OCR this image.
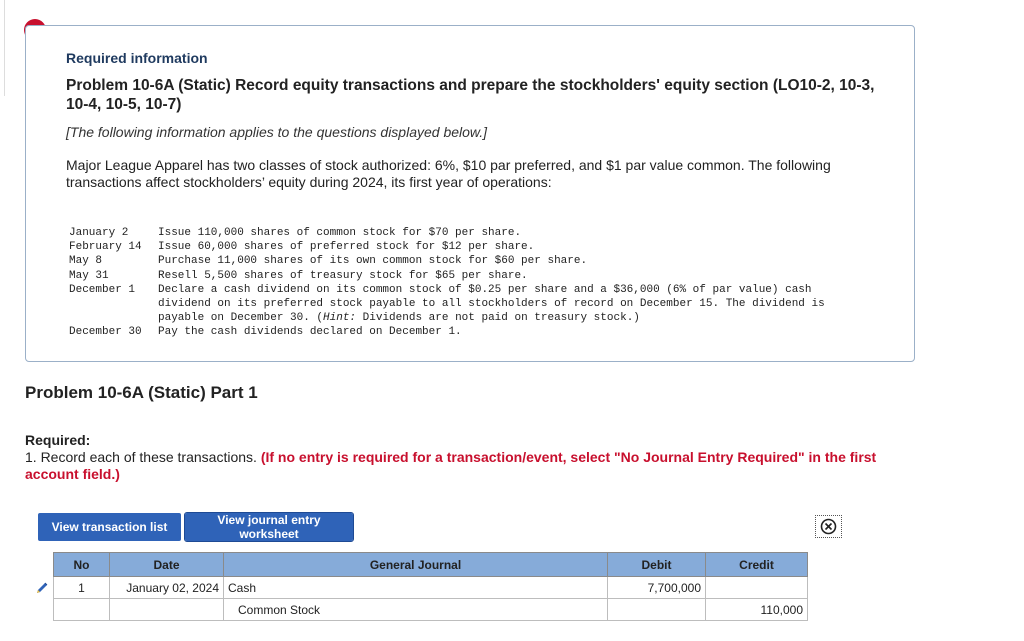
Required information
Problem 10-6A (Static) Record equity transactions and prepare the stockholders' equity section (LO10-2, 10-3, 10-4, 10-5, 10-7)
[The following information applies to the questions displayed below.]
Major League Apparel has two classes of stock authorized: 6%, $10 par preferred, and $1 par value common. The following transactions affect stockholders’ equity during 2024, its first year of operations:
January 2	Issue 110,000 shares of common stock for $70 per share.
February 14	Issue 60,000 shares of preferred stock for $12 per share.
May 8	Purchase 11,000 shares of its own common stock for $60 per share.
May 31	Resell 5,500 shares of treasury stock for $65 per share.
December 1	Declare a cash dividend on its common stock of $0.25 per share and a $36,000 (6% of par value) cash dividend on its preferred stock payable to all stockholders of record on December 15. The dividend is payable on December 30. (Hint: Dividends are not paid on treasury stock.)
December 30	Pay the cash dividends declared on December 1.
Problem 10-6A (Static) Part 1
Required:
1. Record each of these transactions. (If no entry is required for a transaction/event, select "No Journal Entry Required" in the first account field.)
View transaction list	View journal entry worksheet
No	Date	General Journal	Debit	Credit
1	January 02, 2024	Cash	7,700,000	
		Common Stock		110,000
